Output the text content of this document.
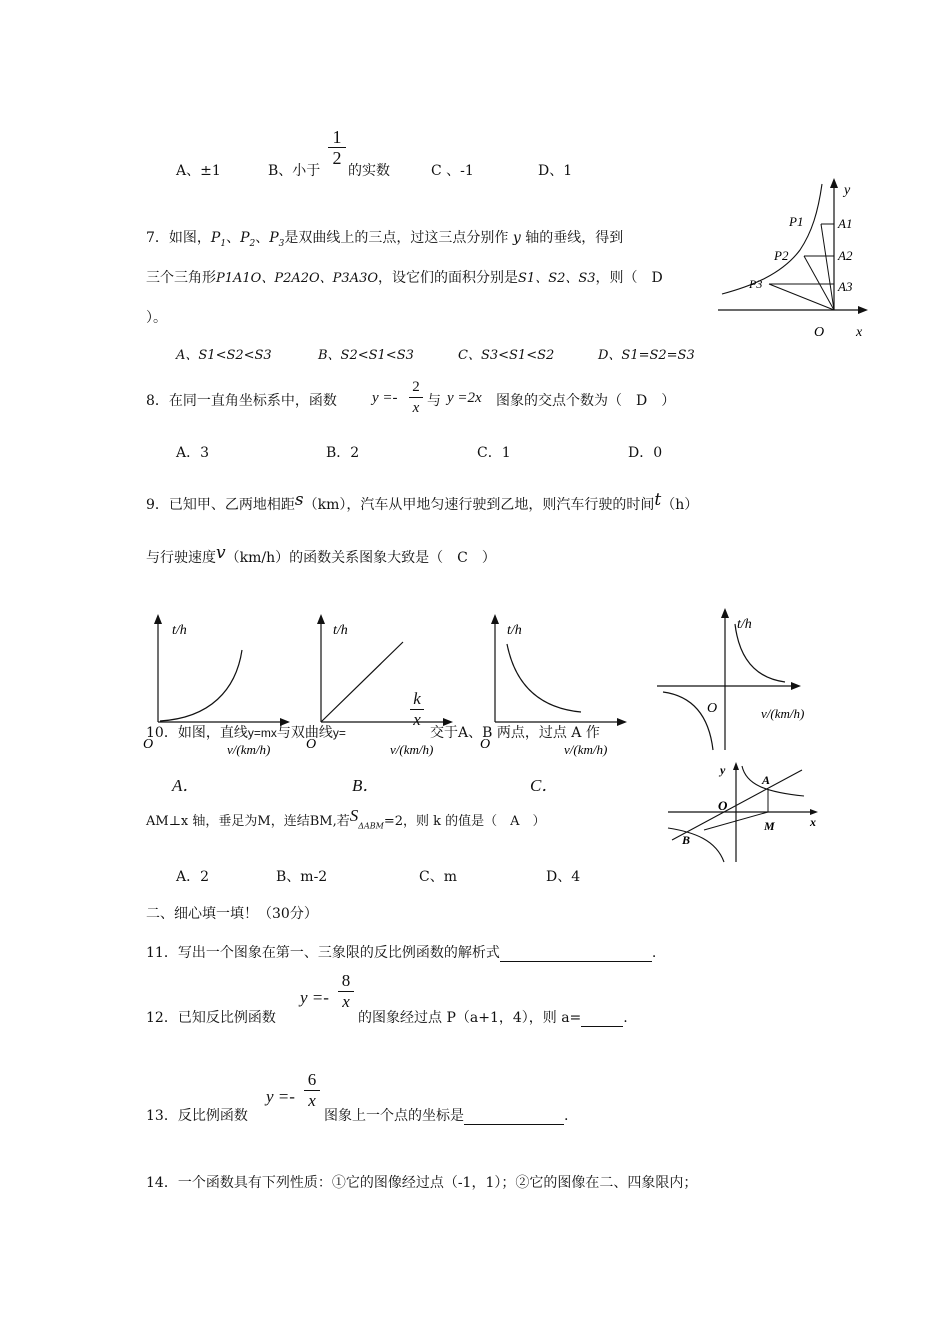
A、±1	B、小于
1
2
的实数	C 、-1	D、1
7．如图，$P_1$、$P_2$、$P_3$是双曲线上的三点，过这三点分别作 y 轴的垂线，得到
三个三角形P1A1O、P2A2O、P3A3O，设它们的面积分别是S1、S2、S3，则（　D
）。
A、S1<S2<S3	B、S2<S1<S3	C、S3<S1<S2	D、S1=S2=S3
y
x
O
P1
P2
P3
A1
A2
A3
8．在同一直角坐标系中，函数 y =-
2
x 与 y =2x 图象的交点个数为（　D　）
A．3	B．2	C．1	D．0
9．已知甲、乙两地相距s（km），汽车从甲地匀速行驶到乙地，则汽车行驶的时间t（h）
与行驶速度v（km/h）的函数关系图象大致是（　C　）
t/h
O	v/(km/h)
A．
t/h
O	v/(km/h)
B．
t/h
O	v/(km/h)
C．
t/h
O	v/(km/h)
10．如图，直线y=mx与双曲线y=
k
x
交于A、B 两点，过点 A 作
AM⊥x 轴，垂足为M，连结BM,若$S_{\Delta ABM}=2$，则 k 的值是（　A　）
A．2	B、m-2	C、m	D、4
y
x
O
A
B
M
二、细心填一填！（30分）
11．写出一个图象在第一、三象限的反比例函数的解析式	.
12．已知反比例函数
y =-
8
x
的图象经过点 P（a+1，4），则 a=	.
13．反比例函数
y =-
6
x
图象上一个点的坐标是	.
14．一个函数具有下列性质：①它的图像经过点（-1，1）；②它的图像在二、四象限内；
